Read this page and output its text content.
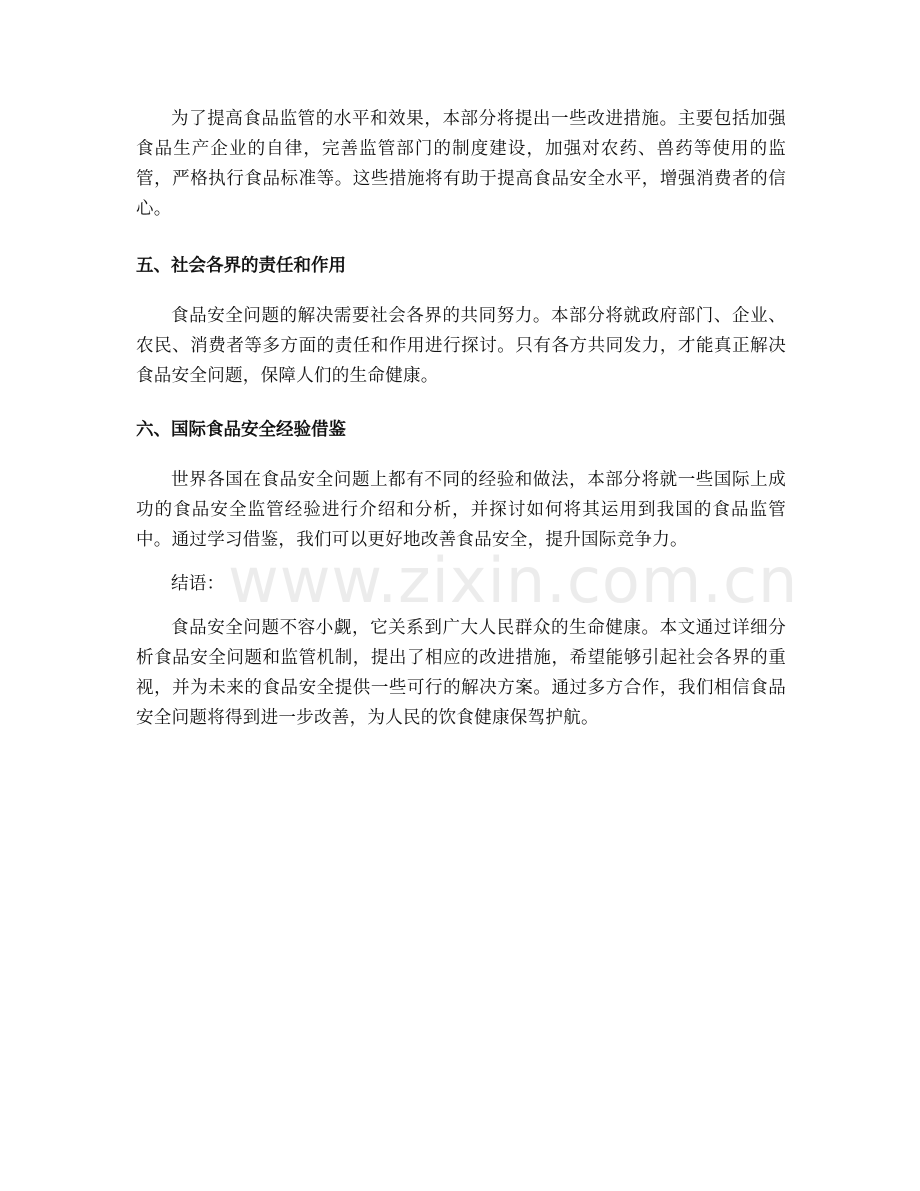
为了提高食品监管的水平和效果，本部分将提出一些改进措施。主要包括加强食品生产企业的自律，完善监管部门的制度建设，加强对农药、兽药等使用的监管，严格执行食品标准等。这些措施将有助于提高食品安全水平，增强消费者的信心。

五、社会各界的责任和作用

食品安全问题的解决需要社会各界的共同努力。本部分将就政府部门、企业、农民、消费者等多方面的责任和作用进行探讨。只有各方共同发力，才能真正解决食品安全问题，保障人们的生命健康。

六、国际食品安全经验借鉴

世界各国在食品安全问题上都有不同的经验和做法，本部分将就一些国际上成功的食品安全监管经验进行介绍和分析，并探讨如何将其运用到我国的食品监管中。通过学习借鉴，我们可以更好地改善食品安全，提升国际竞争力。

结语：

食品安全问题不容小觑，它关系到广大人民群众的生命健康。本文通过详细分析食品安全问题和监管机制，提出了相应的改进措施，希望能够引起社会各界的重视，并为未来的食品安全提供一些可行的解决方案。通过多方合作，我们相信食品安全问题将得到进一步改善，为人民的饮食健康保驾护航。

www.zixin.com.cn
